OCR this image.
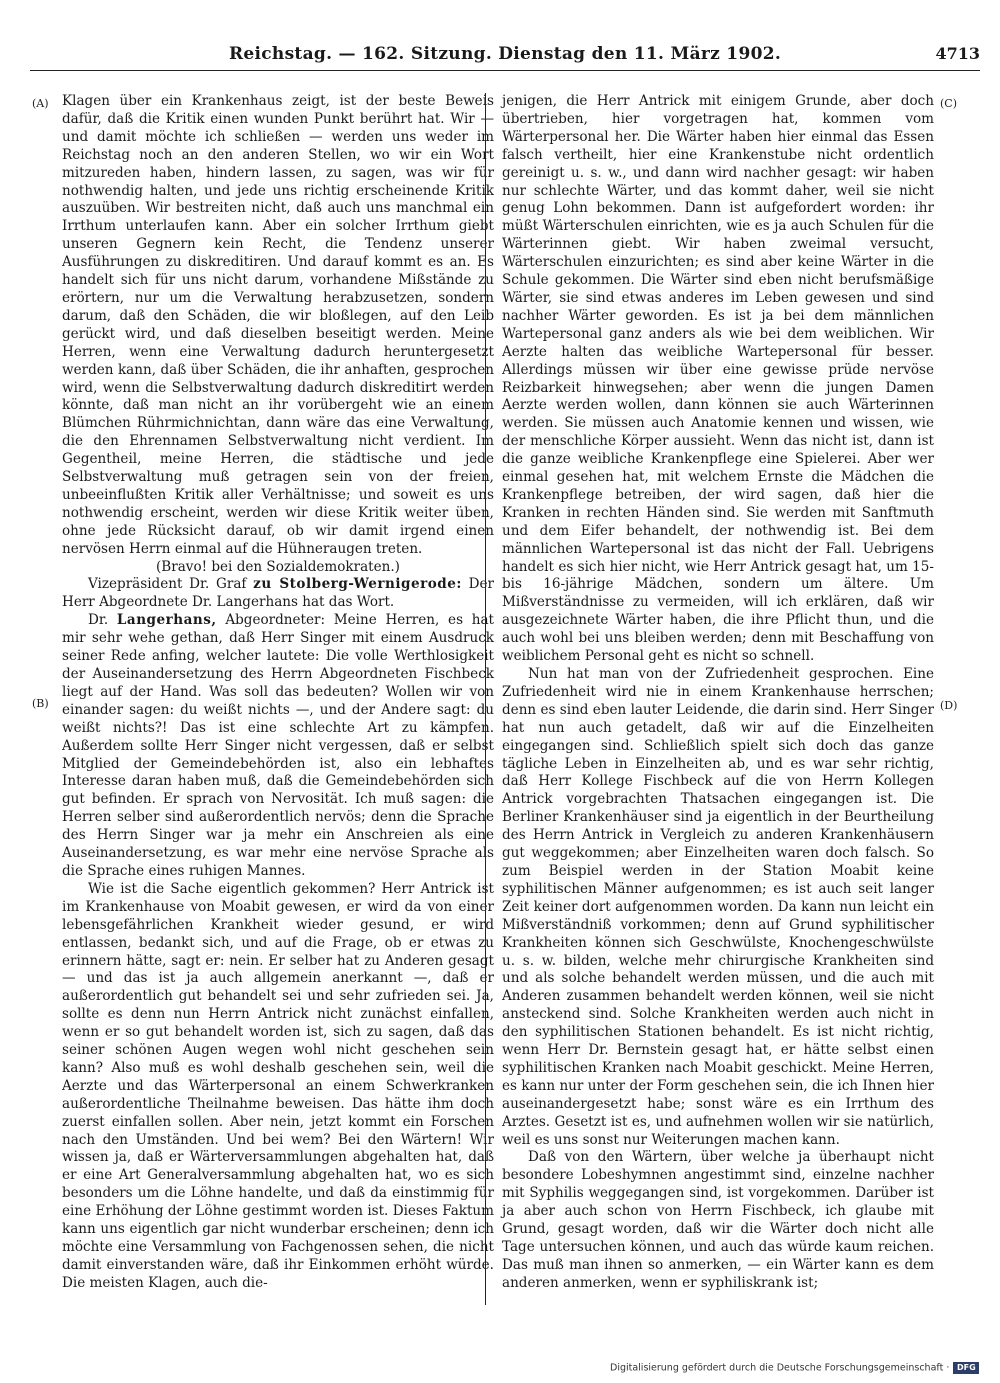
Reichstag. — 162. Sitzung. Dienstag den 11. März 1902.	4713
(A)
(B)
(C)
(D)

Klagen über ein Krankenhaus zeigt, ist der beste Beweis dafür, daß die Kritik einen wunden Punkt berührt hat. Wir — und damit möchte ich schließen — werden uns weder im Reichstag noch an den anderen Stellen, wo wir ein Wort mitzureden haben, hindern lassen, zu sagen, was wir für nothwendig halten, und jede uns richtig erscheinende Kritik auszuüben. Wir bestreiten nicht, daß auch uns manchmal ein Irrthum unterlaufen kann. Aber ein solcher Irrthum giebt unseren Gegnern kein Recht, die Tendenz unserer Ausführungen zu diskreditiren. Und darauf kommt es an. Es handelt sich für uns nicht darum, vorhandene Mißstände zu erörtern, nur um die Verwaltung herabzusetzen, sondern darum, daß den Schäden, die wir bloßlegen, auf den Leib gerückt wird, und daß dieselben beseitigt werden. Meine Herren, wenn eine Verwaltung dadurch heruntergesetzt werden kann, daß über Schäden, die ihr anhaften, gesprochen wird, wenn die Selbstverwaltung dadurch diskreditirt werden könnte, daß man nicht an ihr vorübergeht wie an einem Blümchen Rührmichnichtan, dann wäre das eine Verwaltung, die den Ehrennamen Selbstverwaltung nicht verdient. Im Gegentheil, meine Herren, die städtische und jede Selbstverwaltung muß getragen sein von der freien, unbeeinflußten Kritik aller Verhältnisse; und soweit es uns nothwendig erscheint, werden wir diese Kritik weiter üben, ohne jede Rücksicht darauf, ob wir damit irgend einen nervösen Herrn einmal auf die Hühneraugen treten.

(Bravo! bei den Sozialdemokraten.)

Vizepräsident Dr. Graf zu Stolberg-Wernigerode: Der Herr Abgeordnete Dr. Langerhans hat das Wort.

Dr. Langerhans, Abgeordneter: Meine Herren, es hat mir sehr wehe gethan, daß Herr Singer mit einem Ausdruck seiner Rede anfing, welcher lautete: Die volle Werthlosigkeit der Auseinandersetzung des Herrn Abgeordneten Fischbeck liegt auf der Hand. Was soll das bedeuten? Wollen wir von einander sagen: du weißt nichts —, und der Andere sagt: du weißt nichts?! Das ist eine schlechte Art zu kämpfen. Außerdem sollte Herr Singer nicht vergessen, daß er selbst Mitglied der Gemeindebehörden ist, also ein lebhaftes Interesse daran haben muß, daß die Gemeindebehörden sich gut befinden. Er sprach von Nervosität. Ich muß sagen: die Herren selber sind außerordentlich nervös; denn die Sprache des Herrn Singer war ja mehr ein Anschreien als eine Auseinandersetzung, es war mehr eine nervöse Sprache als die Sprache eines ruhigen Mannes.

Wie ist die Sache eigentlich gekommen? Herr Antrick ist im Krankenhause von Moabit gewesen, er wird da von einer lebensgefährlichen Krankheit wieder gesund, er wird entlassen, bedankt sich, und auf die Frage, ob er etwas zu erinnern hätte, sagt er: nein. Er selber hat zu Anderen gesagt — und das ist ja auch allgemein anerkannt —, daß er außerordentlich gut behandelt sei und sehr zufrieden sei. Ja, sollte es denn nun Herrn Antrick nicht zunächst einfallen, wenn er so gut behandelt worden ist, sich zu sagen, daß das seiner schönen Augen wegen wohl nicht geschehen sein kann? Also muß es wohl deshalb geschehen sein, weil die Aerzte und das Wärterpersonal an einem Schwerkranken außerordentliche Theilnahme beweisen. Das hätte ihm doch zuerst einfallen sollen. Aber nein, jetzt kommt ein Forschen nach den Umständen. Und bei wem? Bei den Wärtern! Wir wissen ja, daß er Wärterversammlungen abgehalten hat, daß er eine Art Generalversammlung abgehalten hat, wo es sich besonders um die Löhne handelte, und daß da einstimmig für eine Erhöhung der Löhne gestimmt worden ist. Dieses Faktum kann uns eigentlich gar nicht wunderbar erscheinen; denn ich möchte eine Versammlung von Fachgenossen sehen, die nicht damit einverstanden wäre, daß ihr Einkommen erhöht würde. Die meisten Klagen, auch die-

jenigen, die Herr Antrick mit einigem Grunde, aber doch übertrieben, hier vorgetragen hat, kommen vom Wärterpersonal her. Die Wärter haben hier einmal das Essen falsch vertheilt, hier eine Krankenstube nicht ordentlich gereinigt u. s. w., und dann wird nachher gesagt: wir haben nur schlechte Wärter, und das kommt daher, weil sie nicht genug Lohn bekommen. Dann ist aufgefordert worden: ihr müßt Wärterschulen einrichten, wie es ja auch Schulen für die Wärterinnen giebt. Wir haben zweimal versucht, Wärterschulen einzurichten; es sind aber keine Wärter in die Schule gekommen. Die Wärter sind eben nicht berufsmäßige Wärter, sie sind etwas anderes im Leben gewesen und sind nachher Wärter geworden. Es ist ja bei dem männlichen Wartepersonal ganz anders als wie bei dem weiblichen. Wir Aerzte halten das weibliche Wartepersonal für besser. Allerdings müssen wir über eine gewisse prüde nervöse Reizbarkeit hinwegsehen; aber wenn die jungen Damen Aerzte werden wollen, dann können sie auch Wärterinnen werden. Sie müssen auch Anatomie kennen und wissen, wie der menschliche Körper aussieht. Wenn das nicht ist, dann ist die ganze weibliche Krankenpflege eine Spielerei. Aber wer einmal gesehen hat, mit welchem Ernste die Mädchen die Krankenpflege betreiben, der wird sagen, daß hier die Kranken in rechten Händen sind. Sie werden mit Sanftmuth und dem Eifer behandelt, der nothwendig ist. Bei dem männlichen Wartepersonal ist das nicht der Fall. Uebrigens handelt es sich hier nicht, wie Herr Antrick gesagt hat, um 15- bis 16-jährige Mädchen, sondern um ältere. Um Mißverständnisse zu vermeiden, will ich erklären, daß wir ausgezeichnete Wärter haben, die ihre Pflicht thun, und die auch wohl bei uns bleiben werden; denn mit Beschaffung von weiblichem Personal geht es nicht so schnell.

Nun hat man von der Zufriedenheit gesprochen. Eine Zufriedenheit wird nie in einem Krankenhause herrschen; denn es sind eben lauter Leidende, die darin sind. Herr Singer hat nun auch getadelt, daß wir auf die Einzelheiten eingegangen sind. Schließlich spielt sich doch das ganze tägliche Leben in Einzelheiten ab, und es war sehr richtig, daß Herr Kollege Fischbeck auf die von Herrn Kollegen Antrick vorgebrachten Thatsachen eingegangen ist. Die Berliner Krankenhäuser sind ja eigentlich in der Beurtheilung des Herrn Antrick in Vergleich zu anderen Krankenhäusern gut weggekommen; aber Einzelheiten waren doch falsch. So zum Beispiel werden in der Station Moabit keine syphilitischen Männer aufgenommen; es ist auch seit langer Zeit keiner dort aufgenommen worden. Da kann nun leicht ein Mißverständniß vorkommen; denn auf Grund syphilitischer Krankheiten können sich Geschwülste, Knochengeschwülste u. s. w. bilden, welche mehr chirurgische Krankheiten sind und als solche behandelt werden müssen, und die auch mit Anderen zusammen behandelt werden können, weil sie nicht ansteckend sind. Solche Krankheiten werden auch nicht in den syphilitischen Stationen behandelt. Es ist nicht richtig, wenn Herr Dr. Bernstein gesagt hat, er hätte selbst einen syphilitischen Kranken nach Moabit geschickt. Meine Herren, es kann nur unter der Form geschehen sein, die ich Ihnen hier auseinandergesetzt habe; sonst wäre es ein Irrthum des Arztes. Gesetzt ist es, und aufnehmen wollen wir sie natürlich, weil es uns sonst nur Weiterungen machen kann.

Daß von den Wärtern, über welche ja überhaupt nicht besondere Lobeshymnen angestimmt sind, einzelne nachher mit Syphilis weggegangen sind, ist vorgekommen. Darüber ist ja aber auch schon von Herrn Fischbeck, ich glaube mit Grund, gesagt worden, daß wir die Wärter doch nicht alle Tage untersuchen können, und auch das würde kaum reichen. Das muß man ihnen so anmerken, — ein Wärter kann es dem anderen anmerken, wenn er syphiliskrank ist;

Digitalisierung gefördert durch die Deutsche Forschungsgemeinschaft · DFG
